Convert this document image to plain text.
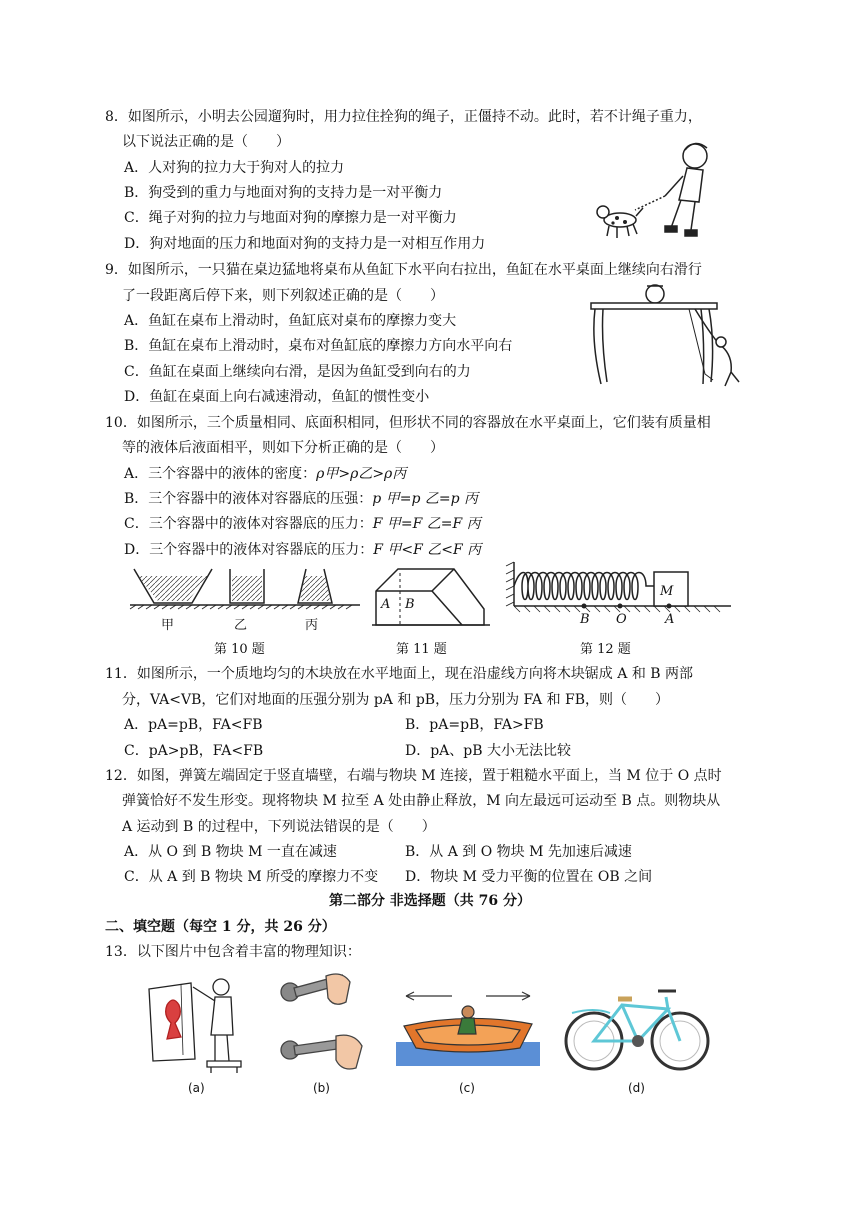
8．如图所示，小明去公园遛狗时，用力拉住拴狗的绳子，正僵持不动。此时，若不计绳子重力，
以下说法正确的是（　　）
A．人对狗的拉力大于狗对人的拉力
B．狗受到的重力与地面对狗的支持力是一对平衡力
C．绳子对狗的拉力与地面对狗的摩擦力是一对平衡力
D．狗对地面的压力和地面对狗的支持力是一对相互作用力
9．如图所示，一只猫在桌边猛地将桌布从鱼缸下水平向右拉出，鱼缸在水平桌面上继续向右滑行
了一段距离后停下来，则下列叙述正确的是（　　）
A．鱼缸在桌布上滑动时，鱼缸底对桌布的摩擦力变大
B．鱼缸在桌布上滑动时，桌布对鱼缸底的摩擦力方向水平向右
C．鱼缸在桌面上继续向右滑，是因为鱼缸受到向右的力
D．鱼缸在桌面上向右减速滑动，鱼缸的惯性变小
10．如图所示，三个质量相同、底面积相同，但形状不同的容器放在水平桌面上，它们装有质量相
等的液体后液面相平，则如下分析正确的是（　　）
A．三个容器中的液体的密度：ρ甲>ρ乙>ρ丙
B．三个容器中的液体对容器底的压强：p 甲=p 乙=p 丙
C．三个容器中的液体对容器底的压力：F 甲=F 乙=F 丙
D．三个容器中的液体对容器底的压力：F 甲<F 乙<F 丙
甲	乙	丙
第 10 题
A B
第 11 题
M
B O	A
第 12 题
11．如图所示，一个质地均匀的木块放在水平地面上，现在沿虚线方向将木块锯成 A 和 B 两部
分，VA<VB，它们对地面的压强分别为 pA 和 pB，压力分别为 FA 和 FB，则（　　）
A．pA=pB，FA<FB	B．pA=pB，FA>FB
C．pA>pB，FA<FB	D．pA、pB 大小无法比较
12．如图，弹簧左端固定于竖直墙壁，右端与物块 M 连接，置于粗糙水平面上，当 M 位于 O 点时
弹簧恰好不发生形变。现将物块 M 拉至 A 处由静止释放，M 向左最远可运动至 B 点。则物块从
A 运动到 B 的过程中，下列说法错误的是（　　）
A．从 O 到 B 物块 M 一直在减速	B．从 A 到 O 物块 M 先加速后减速
C．从 A 到 B 物块 M 所受的摩擦力不变 D．物块 M 受力平衡的位置在 OB 之间
第二部分 非选择题（共 76 分）
二、填空题（每空 1 分，共 26 分）
13．以下图片中包含着丰富的物理知识：
(a)	(b)	(c)	(d)
